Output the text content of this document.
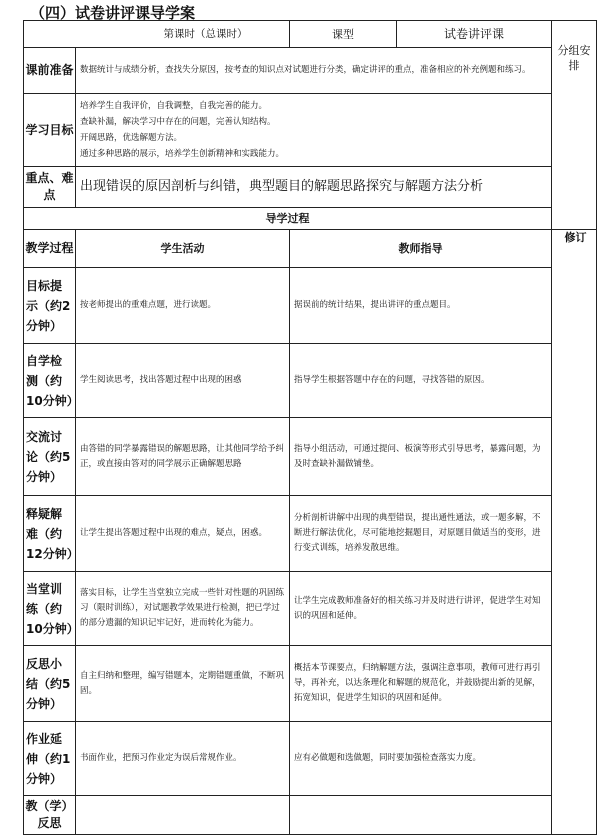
（四）试卷讲评课导学案
	第课时（总课时）	课型	试卷讲评课	分组安排
课前准备	数据统计与成绩分析，查找失分原因，按考查的知识点对试题进行分类，确定讲评的重点，准备相应的补充例题和练习。			
学习目标	培养学生自我评价，自我调整，自我完善的能力。
查缺补漏，解决学习中存在的问题，完善认知结构。
开阔思路，优选解题方法。
通过多种思路的展示，培养学生创新精神和实践能力。			

重点、难点	出现错误的原因剖析与纠错，典型题目的解题思路探究与解题方法分析			
导学过程				
教学过程	学生活动	教师指导		
目标提示（约2分钟）	按老师提出的重难点题，进行读题。	据误前的统计结果，提出讲评的重点题目。		
自学检测（约10分钟）	学生阅读思考，找出答题过程中出现的困惑	指导学生根据答题中存在的问题，寻找答错的原因。		
交流讨论（约5分钟）	由答错的同学暴露错误的解题思路，让其他同学给予纠正，或直接由答对的同学展示正确解题思路	指导小组活动，可通过提问、板演等形式引导思考，暴露问题，为及时查缺补漏做铺垫。		
释疑解难（约12分钟）	让学生提出答题过程中出现的难点，疑点，困惑。	分析剖析讲解中出现的典型错误，提出通性通法，或一题多解，不断进行解法优化，尽可能地挖掘题目，对原题目做适当的变形，进行变式训练，培养发散思维。		
当堂训练（约10分钟）	落实目标，让学生当堂独立完成一些针对性题的巩固练习（限时训练），对试题教学效果进行检测，把已学过的部分遗漏的知识记牢记好，进而转化为能力。	让学生完成教师准备好的相关练习并及时进行讲评，促进学生对知识的巩固和延伸。		
反思小结（约5分钟）	自主归纳和整理，编写错题本，定期错题重做，不断巩固。	概括本节课要点，归纳解题方法，强调注意事项，教师可进行再引导，再补充，以达条理化和解题的规范化，并鼓励提出新的见解，拓宽知识，促进学生知识的巩固和延伸。		
作业延伸（约1分钟）	书面作业，把预习作业定为误后常规作业。	应有必做题和选做题，同时要加强检查落实力度。		
教（学）反思				
修订
